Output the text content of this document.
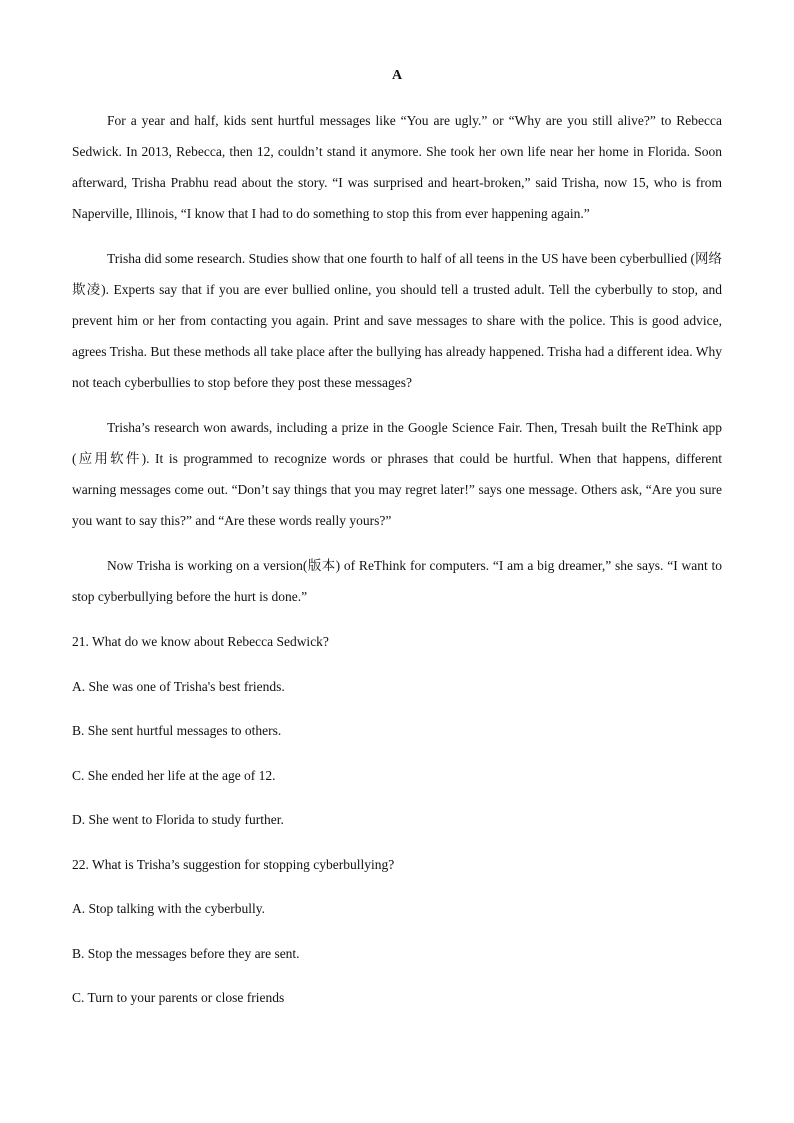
A

For a year and half, kids sent hurtful messages like “You are ugly.” or “Why are you still alive?” to Rebecca Sedwick. In 2013, Rebecca, then 12, couldn’t stand it anymore. She took her own life near her home in Florida. Soon afterward, Trisha Prabhu read about the story. “I was surprised and heart-broken,” said Trisha, now 15, who is from Naperville, Illinois, “I know that I had to do something to stop this from ever happening again.”

Trisha did some research. Studies show that one fourth to half of all teens in the US have been cyberbullied (网络欺凌). Experts say that if you are ever bullied online, you should tell a trusted adult. Tell the cyberbully to stop, and prevent him or her from contacting you again. Print and save messages to share with the police. This is good advice, agrees Trisha. But these methods all take place after the bullying has already happened. Trisha had a different idea. Why not teach cyberbullies to stop before they post these messages?

Trisha’s research won awards, including a prize in the Google Science Fair. Then, Tresah built the ReThink app (应用软件). It is programmed to recognize words or phrases that could be hurtful. When that happens, different warning messages come out. “Don’t say things that you may regret later!” says one message. Others ask, “Are you sure you want to say this?” and “Are these words really yours?”

Now Trisha is working on a version(版本) of ReThink for computers. “I am a big dreamer,” she says. “I want to stop cyberbullying before the hurt is done.”

21. What do we know about Rebecca Sedwick?

A. She was one of Trisha's best friends.

B. She sent hurtful messages to others.

C. She ended her life at the age of 12.

D. She went to Florida to study further.

22. What is Trisha’s suggestion for stopping cyberbullying?

A. Stop talking with the cyberbully.

B. Stop the messages before they are sent.

C. Turn to your parents or close friends
